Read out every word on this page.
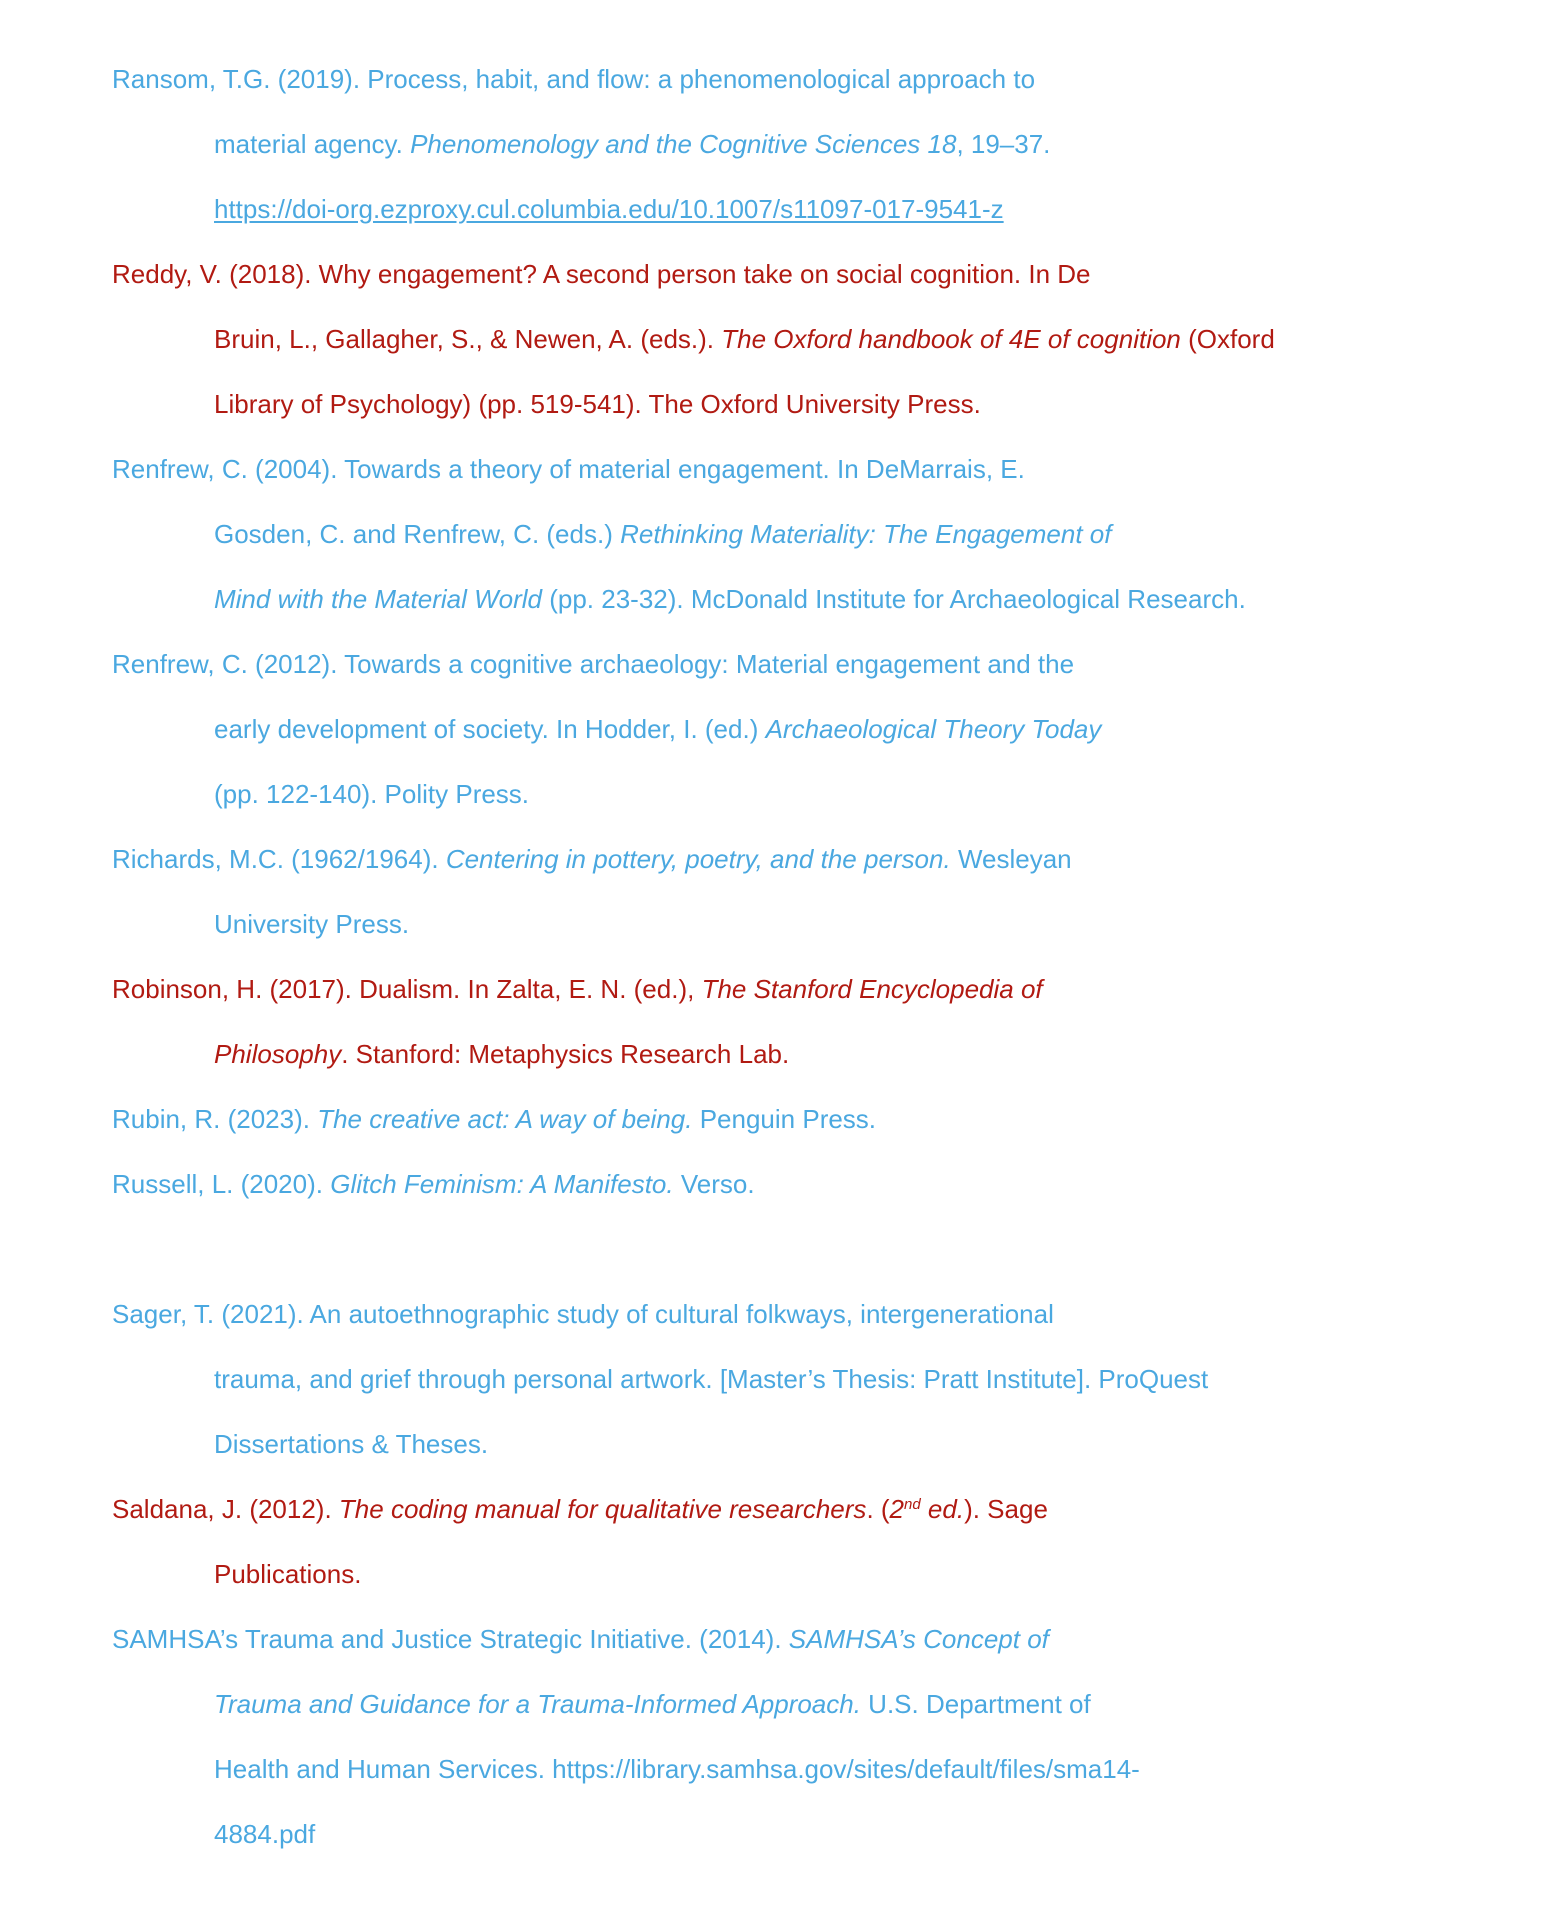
Ransom, T.G. (2019). Process, habit, and flow: a phenomenological approach to
material agency. Phenomenology and the Cognitive Sciences 18, 19–37.
https://doi-org.ezproxy.cul.columbia.edu/10.1007/s11097-017-9541-z
Reddy, V. (2018). Why engagement? A second person take on social cognition. In De
Bruin, L., Gallagher, S., & Newen, A. (eds.). The Oxford handbook of 4E of cognition (Oxford
Library of Psychology) (pp. 519-541). The Oxford University Press.
Renfrew, C. (2004). Towards a theory of material engagement. In DeMarrais, E.
Gosden, C. and Renfrew, C. (eds.) Rethinking Materiality: The Engagement of
Mind with the Material World (pp. 23-32). McDonald Institute for Archaeological Research.
Renfrew, C. (2012). Towards a cognitive archaeology: Material engagement and the
early development of society. In Hodder, I. (ed.) Archaeological Theory Today
(pp. 122-140). Polity Press.
Richards, M.C. (1962/1964). Centering in pottery, poetry, and the person. Wesleyan
University Press.
Robinson, H. (2017). Dualism. In Zalta, E. N. (ed.), The Stanford Encyclopedia of
Philosophy. Stanford: Metaphysics Research Lab.
Rubin, R. (2023). The creative act: A way of being. Penguin Press.
Russell, L. (2020). Glitch Feminism: A Manifesto. Verso.
Sager, T. (2021). An autoethnographic study of cultural folkways, intergenerational
trauma, and grief through personal artwork. [Master’s Thesis: Pratt Institute]. ProQuest
Dissertations & Theses.
Saldana, J. (2012). The coding manual for qualitative researchers. (2nd ed.). Sage
Publications.
SAMHSA’s Trauma and Justice Strategic Initiative. (2014). SAMHSA’s Concept of
Trauma and Guidance for a Trauma-Informed Approach. U.S. Department of
Health and Human Services. https://library.samhsa.gov/sites/default/files/sma14-
4884.pdf
